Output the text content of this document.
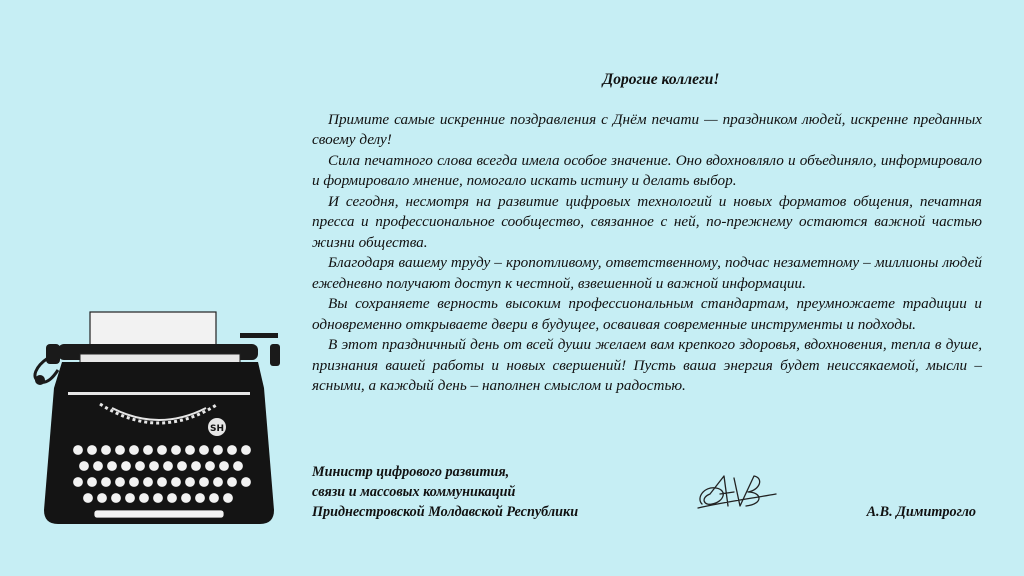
SH

Дорогие коллеги!

Примите самые искренние поздравления с Днём печати — праздником людей, искренне преданных своему делу!

Сила печатного слова всегда имела особое значение. Оно вдохновляло и объединяло, информировало и формировало мнение, помогало искать истину и делать выбор.

И сегодня, несмотря на развитие цифровых технологий и новых форматов общения, печатная пресса и профессиональное сообщество, связанное с ней, по-прежнему остаются важной частью жизни общества.

Благодаря вашему труду – кропотливому, ответственному, подчас незаметному – миллионы людей ежедневно получают доступ к честной, взвешенной и важной информации.

Вы сохраняете верность высоким профессиональным стандартам, преумножаете традиции и одновременно открываете двери в будущее, осваивая современные инструменты и подходы.

В этот праздничный день от всей души желаем вам крепкого здоровья, вдохновения, тепла в душе, признания вашей работы и новых свершений! Пусть ваша энергия будет неиссякаемой, мысли – ясными, а каждый день – наполнен смыслом и радостью.

Министр цифрового развития,
связи и массовых коммуникаций
Приднестровской Молдавской Республики	А.В. Димитрогло
